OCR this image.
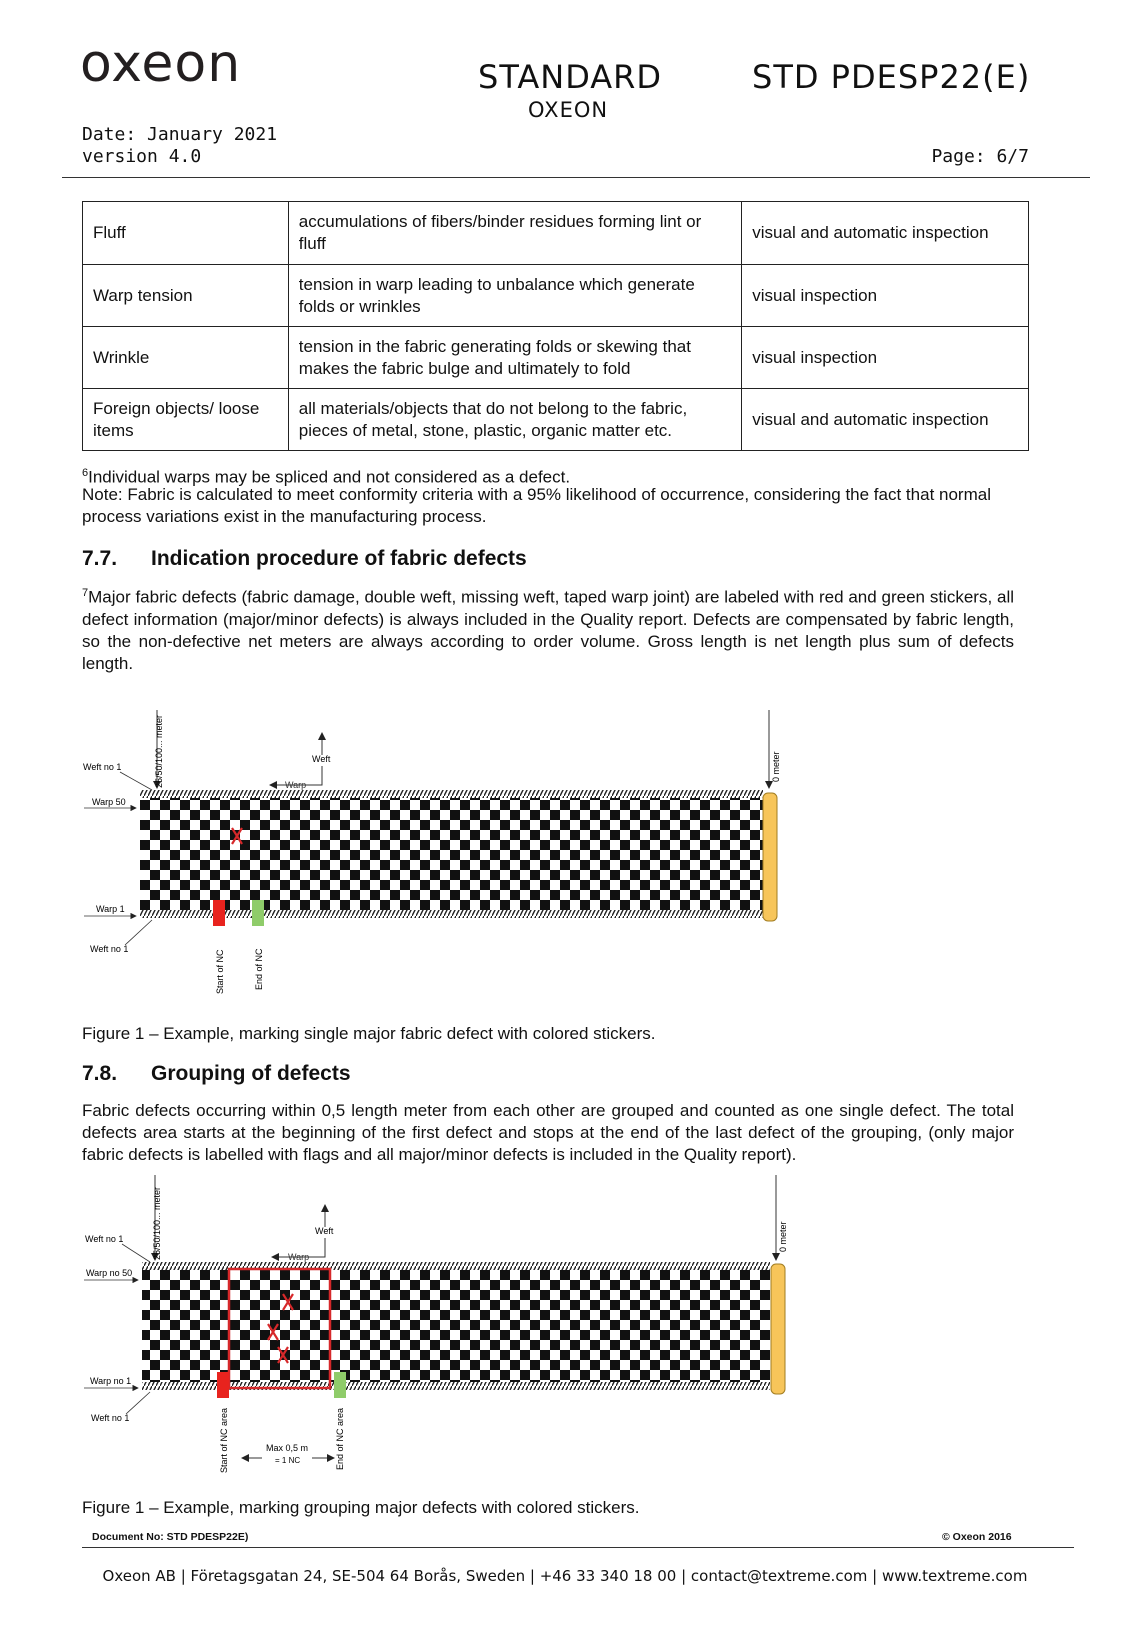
oxeon	STANDARD
OXEON
STD PDESP22(E)
Date: January 2021
version 4.0	Page: 6/7
Fluff	accumulations of fibers/binder residues forming lint or fluff	visual and automatic inspection
Warp tension	tension in warp leading to unbalance which generate folds or wrinkles	visual inspection
Wrinkle	tension in the fabric generating folds or skewing that makes the fabric bulge and ultimately to fold	visual inspection
Foreign objects/ loose items	all materials/objects that do not belong to the fabric, pieces of metal, stone, plastic, organic matter etc.	visual and automatic inspection
$^6$Individual warps may be spliced and not considered as a defect.
Note: Fabric is calculated to meet conformity criteria with a 95% likelihood of occurrence, considering the fact that normal process variations exist in the manufacturing process.
7.7. Indication procedure of fabric defects
$^7$Major fabric defects (fabric damage, double weft, missing weft, taped warp joint) are labeled with red and green stickers, all defect information (major/minor defects) is always included in the Quality report. Defects are compensated by fabric length, so the non-defective net meters are always according to order volume. Gross length is net length plus sum of defects length.
25/50/100... meter	0 meter
Weft
Warp
Weft no 1
Warp 50
Warp 1
Weft no 1
Start of NC	End of NC
Figure 1 – Example, marking single major fabric defect with colored stickers.
7.8. Grouping of defects
Fabric defects occurring within 0,5 length meter from each other are grouped and counted as one single defect. The total defects area starts at the beginning of the first defect and stops at the end of the last defect of the grouping, (only major fabric defects is labelled with flags and all major/minor defects is included in the Quality report).
25/50/100... meter	0 meter
Weft
Warp
Weft no 1
Warp no 50
Warp no 1
Weft no 1	Start of NC area	End of NC area
Max 0,5 m
= 1 NC
Figure 1 – Example, marking grouping major defects with colored stickers.
Document No: STD PDESP22E)	© Oxeon 2016
Oxeon AB | Företagsgatan 24, SE-504 64 Borås, Sweden | +46 33 340 18 00 | contact@textreme.com | www.textreme.com
